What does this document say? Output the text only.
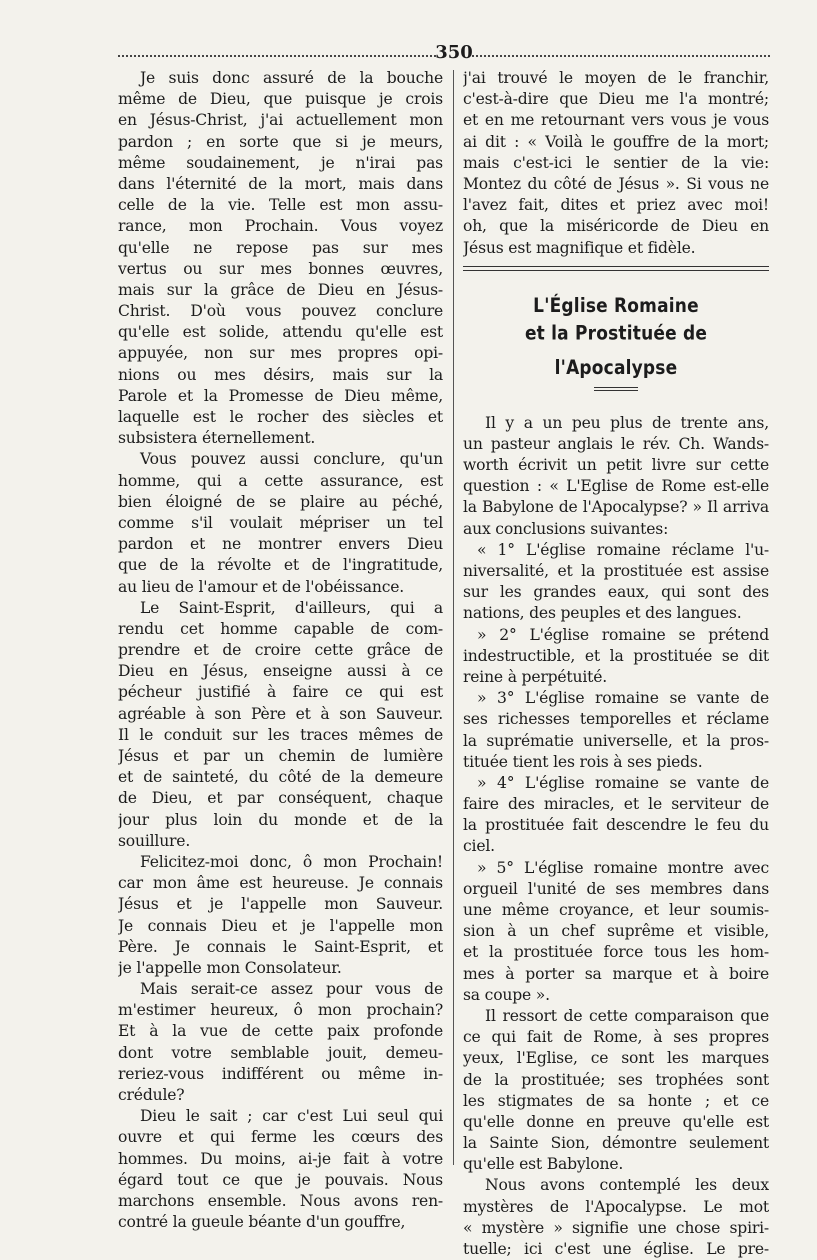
350
Je suis donc assuré de la bouche
même de Dieu, que puisque je crois
en Jésus-Christ, j'ai actuellement mon
pardon ; en sorte que si je meurs,
même soudainement, je n'irai pas
dans l'éternité de la mort, mais dans
celle de la vie. Telle est mon assu-
rance, mon Prochain. Vous voyez
qu'elle ne repose pas sur mes
vertus ou sur mes bonnes œuvres,
mais sur la grâce de Dieu en Jésus-
Christ. D'où vous pouvez conclure
qu'elle est solide, attendu qu'elle est
appuyée, non sur mes propres opi-
nions ou mes désirs, mais sur la
Parole et la Promesse de Dieu même,
laquelle est le rocher des siècles et
subsistera éternellement.
Vous pouvez aussi conclure, qu'un
homme, qui a cette assurance, est
bien éloigné de se plaire au péché,
comme s'il voulait mépriser un tel
pardon et ne montrer envers Dieu
que de la révolte et de l'ingratitude,
au lieu de l'amour et de l'obéissance.
Le Saint-Esprit, d'ailleurs, qui a
rendu cet homme capable de com-
prendre et de croire cette grâce de
Dieu en Jésus, enseigne aussi à ce
pécheur justifié à faire ce qui est
agréable à son Père et à son Sauveur.
Il le conduit sur les traces mêmes de
Jésus et par un chemin de lumière
et de sainteté, du côté de la demeure
de Dieu, et par conséquent, chaque
jour plus loin du monde et de la
souillure.
Felicitez-moi donc, ô mon Prochain!
car mon âme est heureuse. Je connais
Jésus et je l'appelle mon Sauveur.
Je connais Dieu et je l'appelle mon
Père. Je connais le Saint-Esprit, et
je l'appelle mon Consolateur.
Mais serait-ce assez pour vous de
m'estimer heureux, ô mon prochain?
Et à la vue de cette paix profonde
dont votre semblable jouit, demeu-
reriez-vous indifférent ou même in-
crédule?
Dieu le sait ; car c'est Lui seul qui
ouvre et qui ferme les cœurs des
hommes. Du moins, ai-je fait à votre
égard tout ce que je pouvais. Nous
marchons ensemble. Nous avons ren-
contré la gueule béante d'un gouffre,
j'ai trouvé le moyen de le franchir,
c'est-à-dire que Dieu me l'a montré;
et en me retournant vers vous je vous
ai dit : « Voilà le gouffre de la mort;
mais c'est-ici le sentier de la vie:
Montez du côté de Jésus ». Si vous ne
l'avez fait, dites et priez avec moi!
oh, que la miséricorde de Dieu en
Jésus est magnifique et fidèle.
L'Église Romaine
et la Prostituée de l'Apocalypse
Il y a un peu plus de trente ans,
un pasteur anglais le rév. Ch. Wands-
worth écrivit un petit livre sur cette
question : « L'Eglise de Rome est-elle
la Babylone de l'Apocalypse? » Il arriva
aux conclusions suivantes:
« 1° L'église romaine réclame l'u-
niversalité, et la prostituée est assise
sur les grandes eaux, qui sont des
nations, des peuples et des langues.
» 2° L'église romaine se prétend
indestructible, et la prostituée se dit
reine à perpétuité.
» 3° L'église romaine se vante de
ses richesses temporelles et réclame
la suprématie universelle, et la pros-
tituée tient les rois à ses pieds.
» 4° L'église romaine se vante de
faire des miracles, et le serviteur de
la prostituée fait descendre le feu du
ciel.
» 5° L'église romaine montre avec
orgueil l'unité de ses membres dans
une même croyance, et leur soumis-
sion à un chef suprême et visible,
et la prostituée force tous les hom-
mes à porter sa marque et à boire
sa coupe ».
Il ressort de cette comparaison que
ce qui fait de Rome, à ses propres
yeux, l'Eglise, ce sont les marques
de la prostituée; ses trophées sont
les stigmates de sa honte ; et ce
qu'elle donne en preuve qu'elle est
la Sainte Sion, démontre seulement
qu'elle est Babylone.
Nous avons contemplé les deux
mystères de l'Apocalypse. Le mot
« mystère » signifie une chose spiri-
tuelle; ici c'est une église. Le pre-
